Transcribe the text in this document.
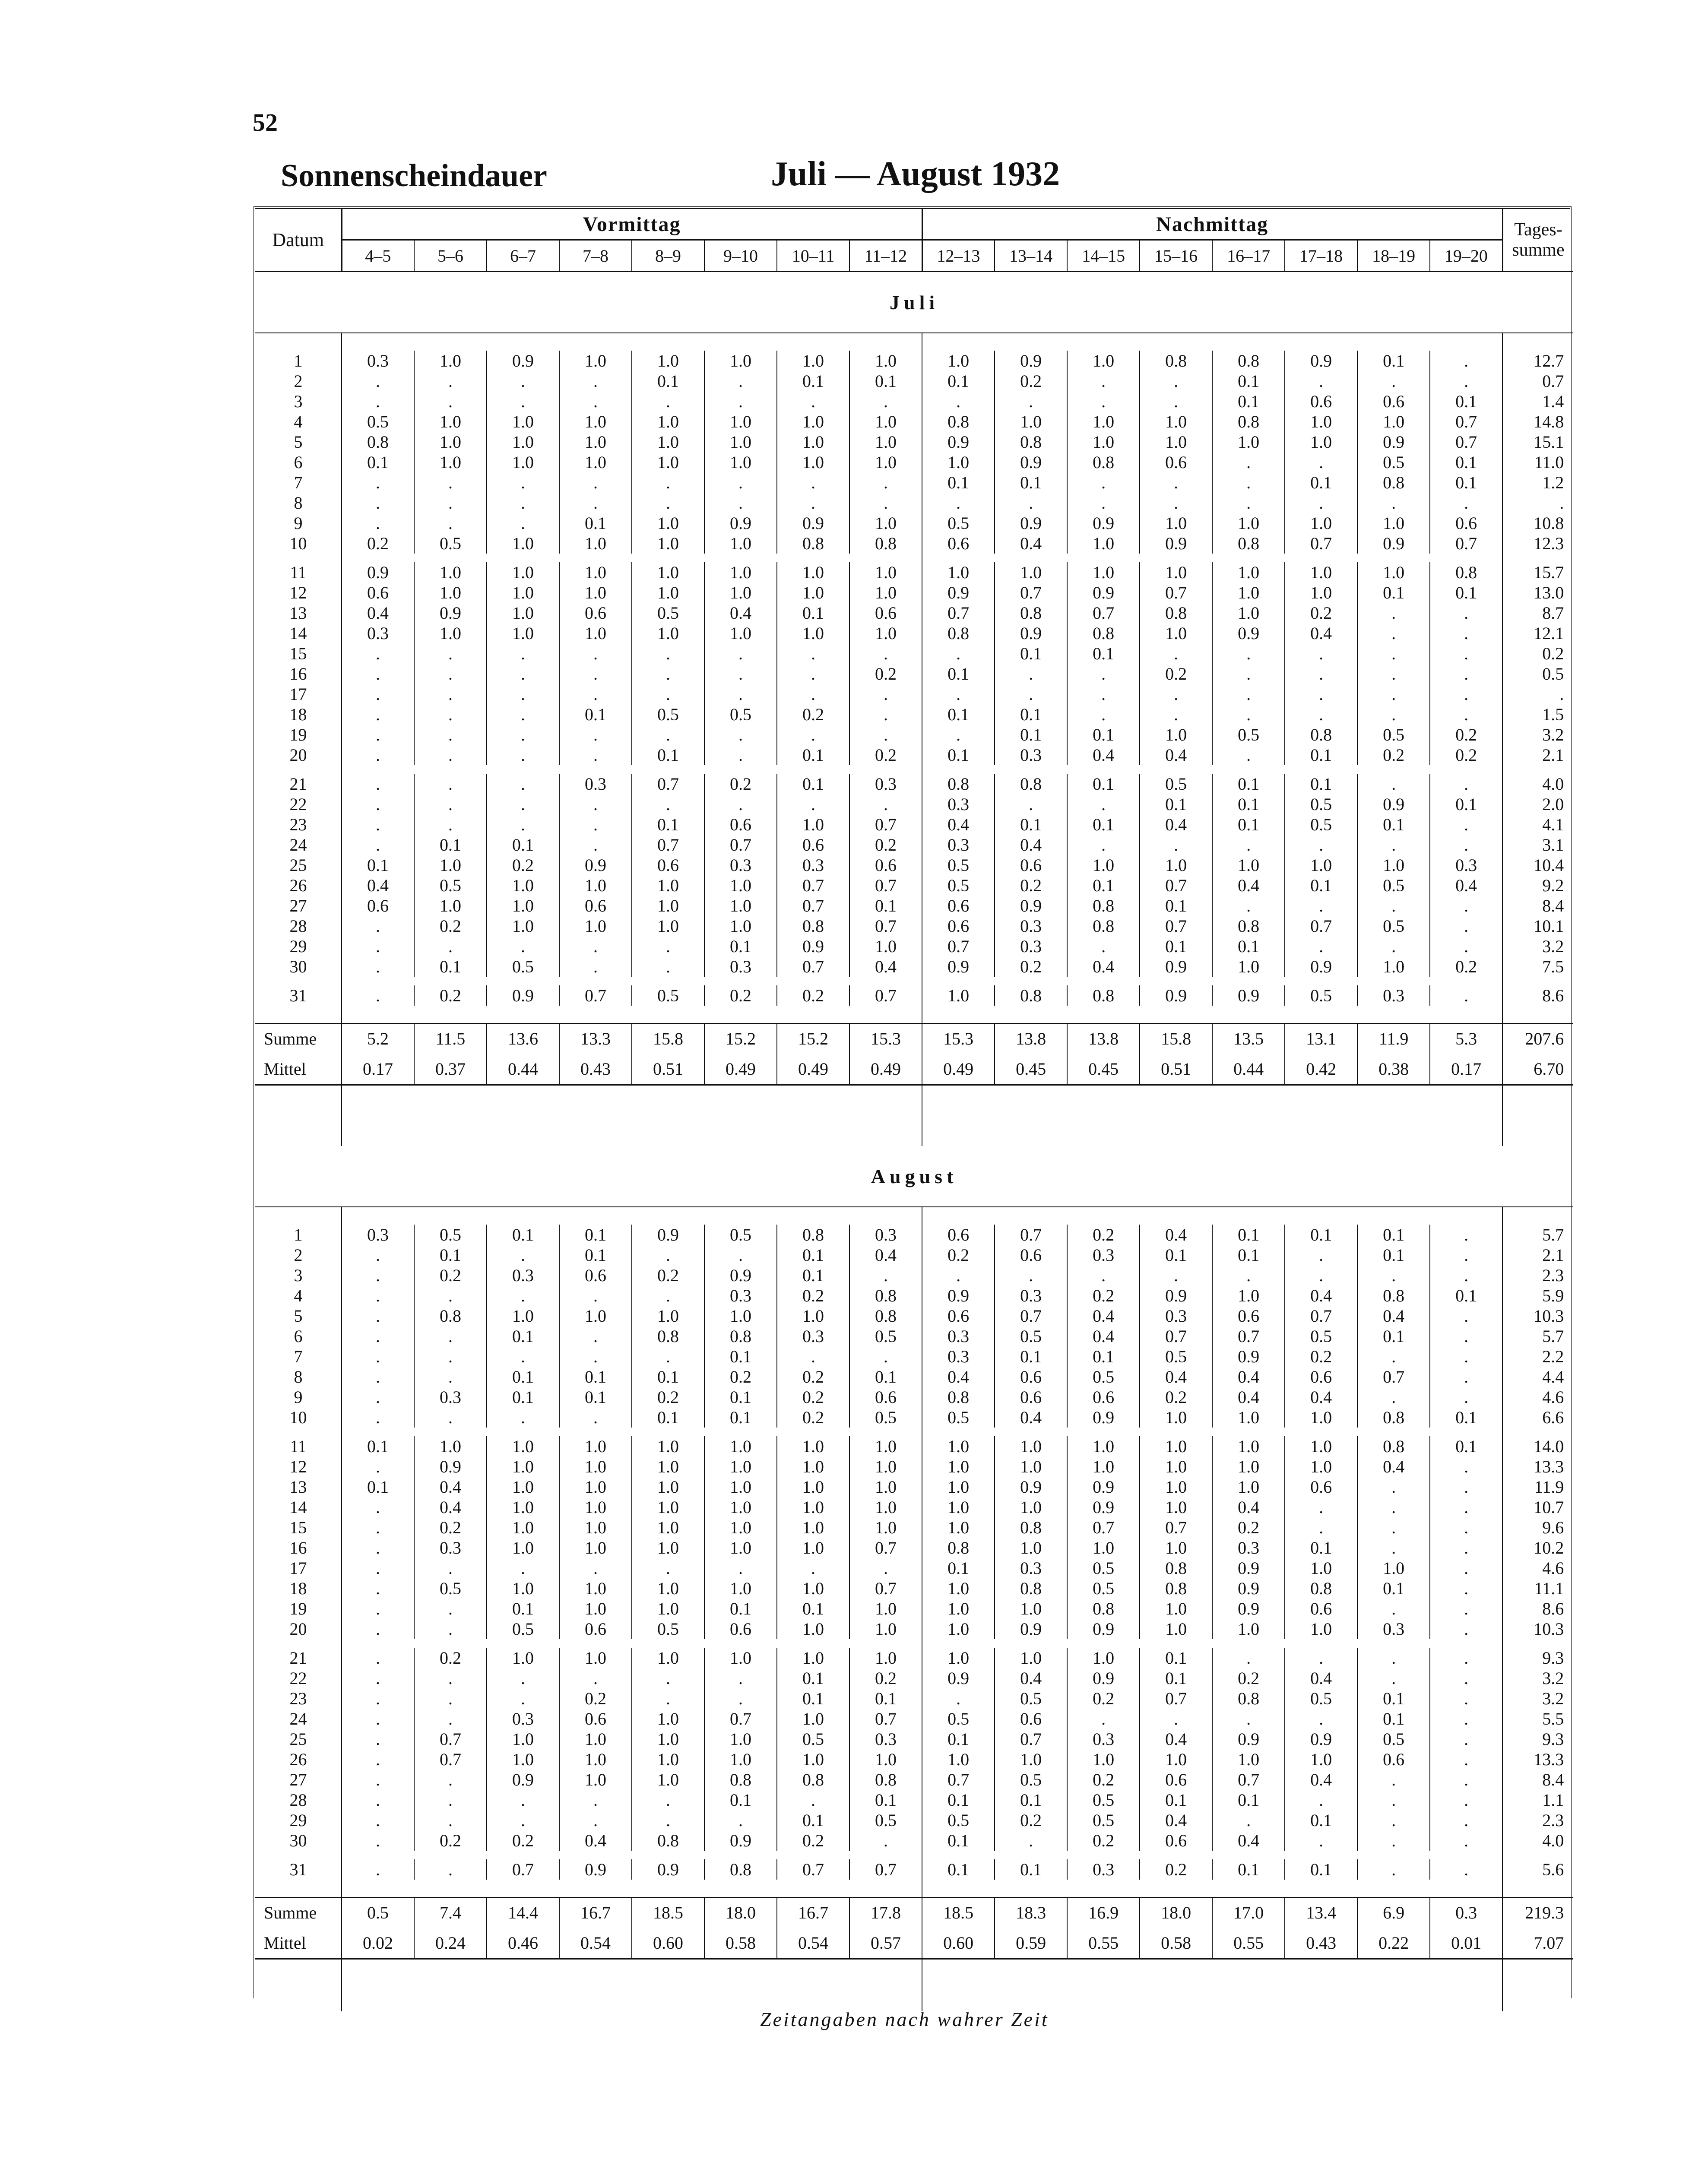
52
Sonnenscheindauer	Juli — August 1932
Datum	Vormittag								Nachmittag								Tages-summe
	4–5	5–6	6–7	7–8	8–9	9–10	10–11	11–12	12–13	13–14	14–15	15–16	16–17	17–18	18–19	19–20	
Juli																	

1	0.3	1.0	0.9	1.0	1.0	1.0	1.0	1.0	1.0	0.9	1.0	0.8	0.8	0.9	0.1	.	12.7
2	.	.	.	.	0.1	.	0.1	0.1	0.1	0.2	.	.	0.1	.	.	.	0.7
3	.	.	.	.	.	.	.	.	.	.	.	.	0.1	0.6	0.6	0.1	1.4
4	0.5	1.0	1.0	1.0	1.0	1.0	1.0	1.0	0.8	1.0	1.0	1.0	0.8	1.0	1.0	0.7	14.8
5	0.8	1.0	1.0	1.0	1.0	1.0	1.0	1.0	0.9	0.8	1.0	1.0	1.0	1.0	0.9	0.7	15.1
6	0.1	1.0	1.0	1.0	1.0	1.0	1.0	1.0	1.0	0.9	0.8	0.6	.	.	0.5	0.1	11.0
7	.	.	.	.	.	.	.	.	0.1	0.1	.	.	.	0.1	0.8	0.1	1.2
8	.	.	.	.	.	.	.	.	.	.	.	.	.	.	.	.	.
9	.	.	.	0.1	1.0	0.9	0.9	1.0	0.5	0.9	0.9	1.0	1.0	1.0	1.0	0.6	10.8
10	0.2	0.5	1.0	1.0	1.0	1.0	0.8	0.8	0.6	0.4	1.0	0.9	0.8	0.7	0.9	0.7	12.3

11	0.9	1.0	1.0	1.0	1.0	1.0	1.0	1.0	1.0	1.0	1.0	1.0	1.0	1.0	1.0	0.8	15.7
12	0.6	1.0	1.0	1.0	1.0	1.0	1.0	1.0	0.9	0.7	0.9	0.7	1.0	1.0	0.1	0.1	13.0
13	0.4	0.9	1.0	0.6	0.5	0.4	0.1	0.6	0.7	0.8	0.7	0.8	1.0	0.2	.	.	8.7
14	0.3	1.0	1.0	1.0	1.0	1.0	1.0	1.0	0.8	0.9	0.8	1.0	0.9	0.4	.	.	12.1
15	.	.	.	.	.	.	.	.	.	0.1	0.1	.	.	.	.	.	0.2
16	.	.	.	.	.	.	.	0.2	0.1	.	.	0.2	.	.	.	.	0.5
17	.	.	.	.	.	.	.	.	.	.	.	.	.	.	.	.	.
18	.	.	.	0.1	0.5	0.5	0.2	.	0.1	0.1	.	.	.	.	.	.	1.5
19	.	.	.	.	.	.	.	.	.	0.1	0.1	1.0	0.5	0.8	0.5	0.2	3.2
20	.	.	.	.	0.1	.	0.1	0.2	0.1	0.3	0.4	0.4	.	0.1	0.2	0.2	2.1

21	.	.	.	0.3	0.7	0.2	0.1	0.3	0.8	0.8	0.1	0.5	0.1	0.1	.	.	4.0
22	.	.	.	.	.	.	.	.	0.3	.	.	0.1	0.1	0.5	0.9	0.1	2.0
23	.	.	.	.	0.1	0.6	1.0	0.7	0.4	0.1	0.1	0.4	0.1	0.5	0.1	.	4.1
24	.	0.1	0.1	.	0.7	0.7	0.6	0.2	0.3	0.4	.	.	.	.	.	.	3.1
25	0.1	1.0	0.2	0.9	0.6	0.3	0.3	0.6	0.5	0.6	1.0	1.0	1.0	1.0	1.0	0.3	10.4
26	0.4	0.5	1.0	1.0	1.0	1.0	0.7	0.7	0.5	0.2	0.1	0.7	0.4	0.1	0.5	0.4	9.2
27	0.6	1.0	1.0	0.6	1.0	1.0	0.7	0.1	0.6	0.9	0.8	0.1	.	.	.	.	8.4
28	.	0.2	1.0	1.0	1.0	1.0	0.8	0.7	0.6	0.3	0.8	0.7	0.8	0.7	0.5	.	10.1
29	.	.	.	.	.	0.1	0.9	1.0	0.7	0.3	.	0.1	0.1	.	.	.	3.2
30	.	0.1	0.5	.	.	0.3	0.7	0.4	0.9	0.2	0.4	0.9	1.0	0.9	1.0	0.2	7.5

31	.	0.2	0.9	0.7	0.5	0.2	0.2	0.7	1.0	0.8	0.8	0.9	0.9	0.5	0.3	.	8.6

Summe	5.2	11.5	13.6	13.3	15.8	15.2	15.2	15.3	15.3	13.8	13.8	15.8	13.5	13.1	11.9	5.3	207.6
Mittel	0.17	0.37	0.44	0.43	0.51	0.49	0.49	0.49	0.49	0.45	0.45	0.51	0.44	0.42	0.38	0.17	6.70

August																	

1	0.3	0.5	0.1	0.1	0.9	0.5	0.8	0.3	0.6	0.7	0.2	0.4	0.1	0.1	0.1	.	5.7
2	.	0.1	.	0.1	.	.	0.1	0.4	0.2	0.6	0.3	0.1	0.1	.	0.1	.	2.1
3	.	0.2	0.3	0.6	0.2	0.9	0.1	.	.	.	.	.	.	.	.	.	2.3
4	.	.	.	.	.	0.3	0.2	0.8	0.9	0.3	0.2	0.9	1.0	0.4	0.8	0.1	5.9
5	.	0.8	1.0	1.0	1.0	1.0	1.0	0.8	0.6	0.7	0.4	0.3	0.6	0.7	0.4	.	10.3
6	.	.	0.1	.	0.8	0.8	0.3	0.5	0.3	0.5	0.4	0.7	0.7	0.5	0.1	.	5.7
7	.	.	.	.	.	0.1	.	.	0.3	0.1	0.1	0.5	0.9	0.2	.	.	2.2
8	.	.	0.1	0.1	0.1	0.2	0.2	0.1	0.4	0.6	0.5	0.4	0.4	0.6	0.7	.	4.4
9	.	0.3	0.1	0.1	0.2	0.1	0.2	0.6	0.8	0.6	0.6	0.2	0.4	0.4	.	.	4.6
10	.	.	.	.	0.1	0.1	0.2	0.5	0.5	0.4	0.9	1.0	1.0	1.0	0.8	0.1	6.6

11	0.1	1.0	1.0	1.0	1.0	1.0	1.0	1.0	1.0	1.0	1.0	1.0	1.0	1.0	0.8	0.1	14.0
12	.	0.9	1.0	1.0	1.0	1.0	1.0	1.0	1.0	1.0	1.0	1.0	1.0	1.0	0.4	.	13.3
13	0.1	0.4	1.0	1.0	1.0	1.0	1.0	1.0	1.0	0.9	0.9	1.0	1.0	0.6	.	.	11.9
14	.	0.4	1.0	1.0	1.0	1.0	1.0	1.0	1.0	1.0	0.9	1.0	0.4	.	.	.	10.7
15	.	0.2	1.0	1.0	1.0	1.0	1.0	1.0	1.0	0.8	0.7	0.7	0.2	.	.	.	9.6
16	.	0.3	1.0	1.0	1.0	1.0	1.0	0.7	0.8	1.0	1.0	1.0	0.3	0.1	.	.	10.2
17	.	.	.	.	.	.	.	.	0.1	0.3	0.5	0.8	0.9	1.0	1.0	.	4.6
18	.	0.5	1.0	1.0	1.0	1.0	1.0	0.7	1.0	0.8	0.5	0.8	0.9	0.8	0.1	.	11.1
19	.	.	0.1	1.0	1.0	0.1	0.1	1.0	1.0	1.0	0.8	1.0	0.9	0.6	.	.	8.6
20	.	.	0.5	0.6	0.5	0.6	1.0	1.0	1.0	0.9	0.9	1.0	1.0	1.0	0.3	.	10.3

21	.	0.2	1.0	1.0	1.0	1.0	1.0	1.0	1.0	1.0	1.0	0.1	.	.	.	.	9.3
22	.	.	.	.	.	.	0.1	0.2	0.9	0.4	0.9	0.1	0.2	0.4	.	.	3.2
23	.	.	.	0.2	.	.	0.1	0.1	.	0.5	0.2	0.7	0.8	0.5	0.1	.	3.2
24	.	.	0.3	0.6	1.0	0.7	1.0	0.7	0.5	0.6	.	.	.	.	0.1	.	5.5
25	.	0.7	1.0	1.0	1.0	1.0	0.5	0.3	0.1	0.7	0.3	0.4	0.9	0.9	0.5	.	9.3
26	.	0.7	1.0	1.0	1.0	1.0	1.0	1.0	1.0	1.0	1.0	1.0	1.0	1.0	0.6	.	13.3
27	.	.	0.9	1.0	1.0	0.8	0.8	0.8	0.7	0.5	0.2	0.6	0.7	0.4	.	.	8.4
28	.	.	.	.	.	0.1	.	0.1	0.1	0.1	0.5	0.1	0.1	.	.	.	1.1
29	.	.	.	.	.	.	0.1	0.5	0.5	0.2	0.5	0.4	.	0.1	.	.	2.3
30	.	0.2	0.2	0.4	0.8	0.9	0.2	.	0.1	.	0.2	0.6	0.4	.	.	.	4.0

31	.	.	0.7	0.9	0.9	0.8	0.7	0.7	0.1	0.1	0.3	0.2	0.1	0.1	.	.	5.6

Summe	0.5	7.4	14.4	16.7	18.5	18.0	16.7	17.8	18.5	18.3	16.9	18.0	17.0	13.4	6.9	0.3	219.3
Mittel	0.02	0.24	0.46	0.54	0.60	0.58	0.54	0.57	0.60	0.59	0.55	0.58	0.55	0.43	0.22	0.01	7.07

Zeitangaben nach wahrer Zeit
